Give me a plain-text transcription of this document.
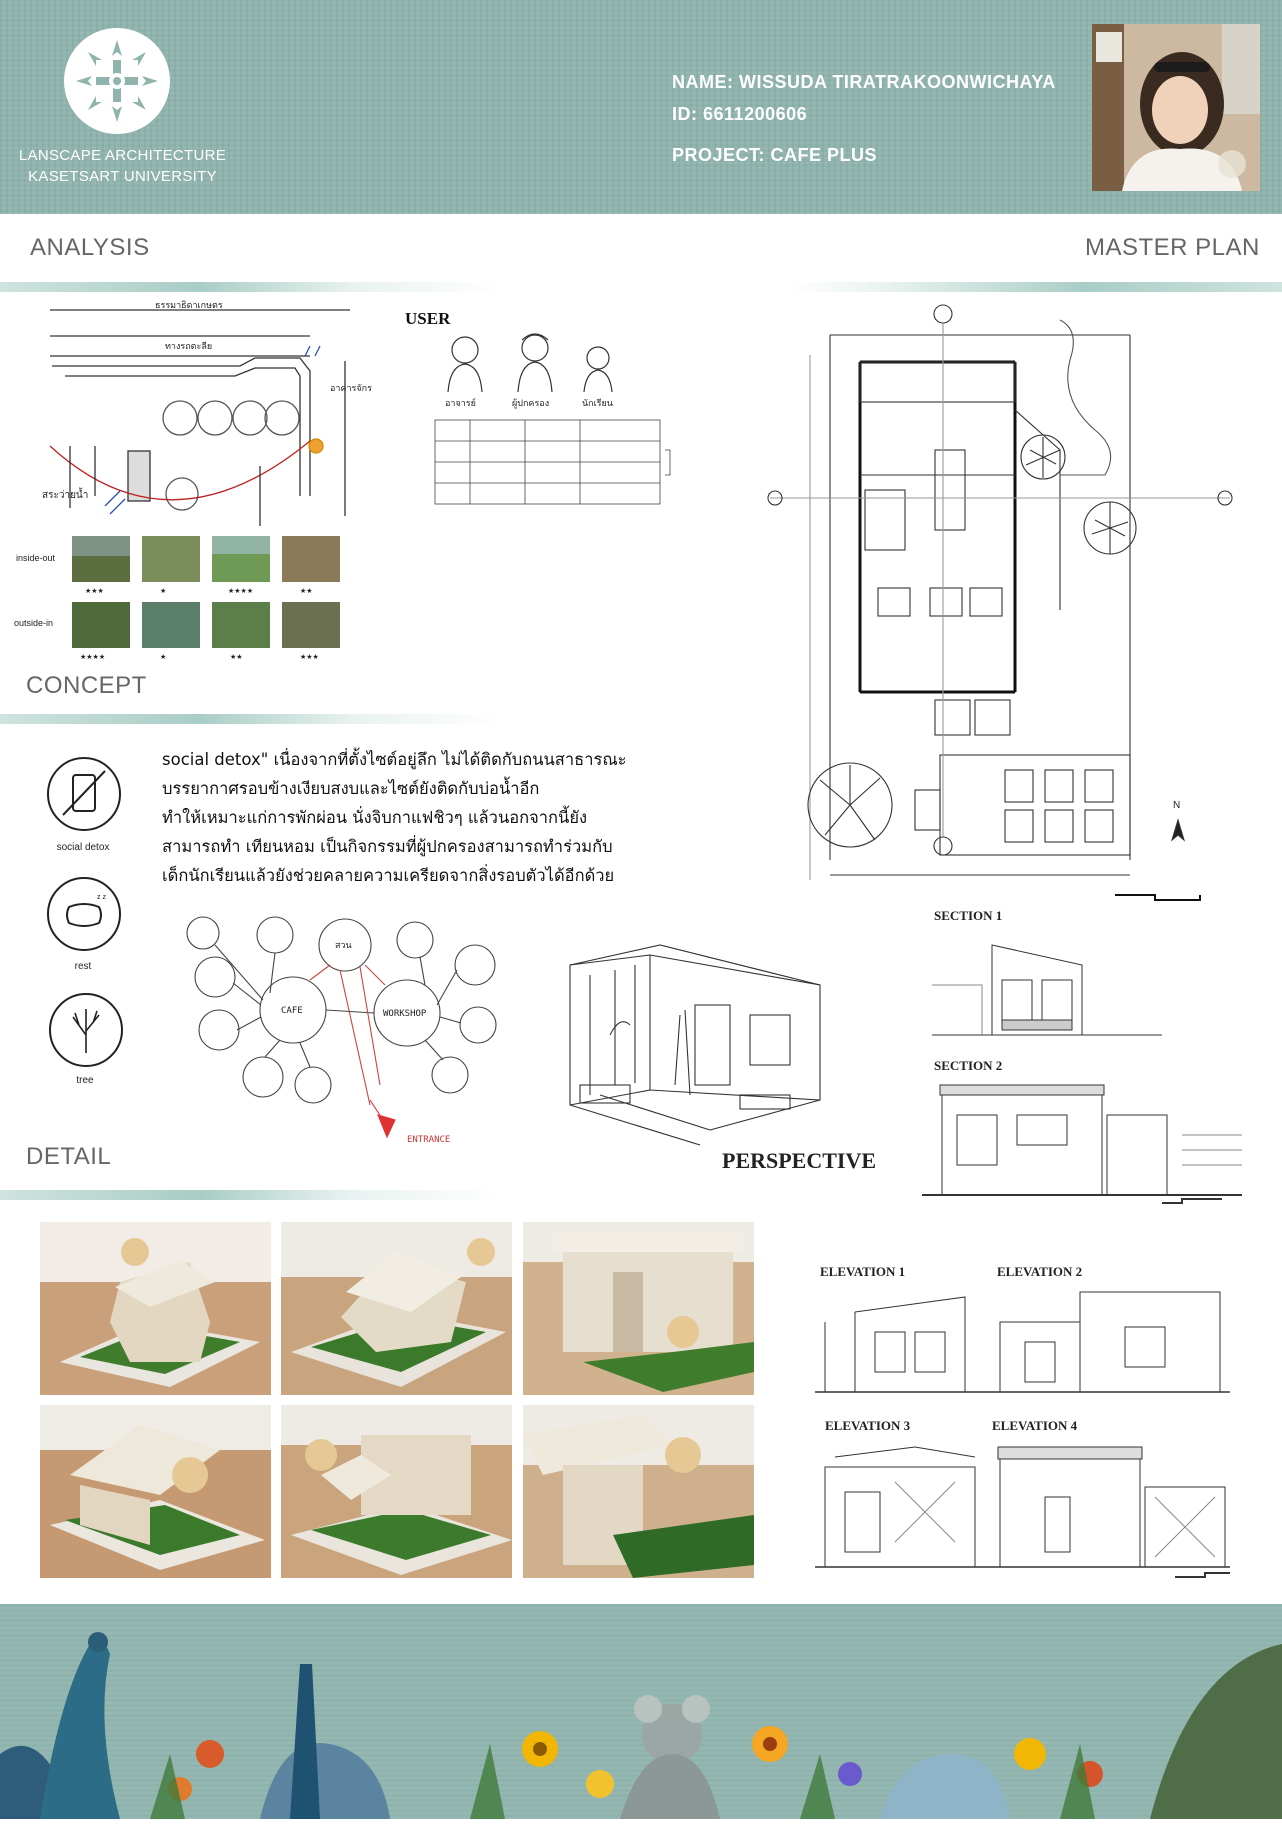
LANSCAPE ARCHITECTURE
KASETSART UNIVERSITY
NAME: WISSUDA TIRATRAKOONWICHAYA
ID: 6611200606
PROJECT: CAFE PLUS
ANALYSIS	MASTER PLAN
ธรรมาธิดาเกษตร
ทางรถตะลีย
อาคารจักร
สระว่ายน้ำ
inside-out
outside-in
★★★	★	★★★★	★★
★★★★	★	★★	★★★
USER
อาจารย์	ผู้ปกครอง	นักเรียน
N
CONCEPT
social detox
z z
rest
tree
social detox" เนื่องจากที่ตั้งไซต์อยู่ลึก ไม่ได้ติดกับถนนสาธารณะ
บรรยากาศรอบข้างเงียบสงบและไซต์ยังติดกับบ่อน้ำอีก
ทำให้เหมาะแก่การพักผ่อน นั่งจิบกาแฟชิวๆ แล้วนอกจากนี้ยัง
สามารถทำ เทียนหอม เป็นกิจกรรมที่ผู้ปกครองสามารถทำร่วมกับ
เด็กนักเรียนแล้วยังช่วยคลายความเครียดจากสิ่งรอบตัวได้อีกด้วย
CAFE	WORKSHOP
สวน
ENTRANCE
PERSPECTIVE
SECTION 1
SECTION 2
DETAIL
ELEVATION 1	ELEVATION 2
ELEVATION 3	ELEVATION 4
